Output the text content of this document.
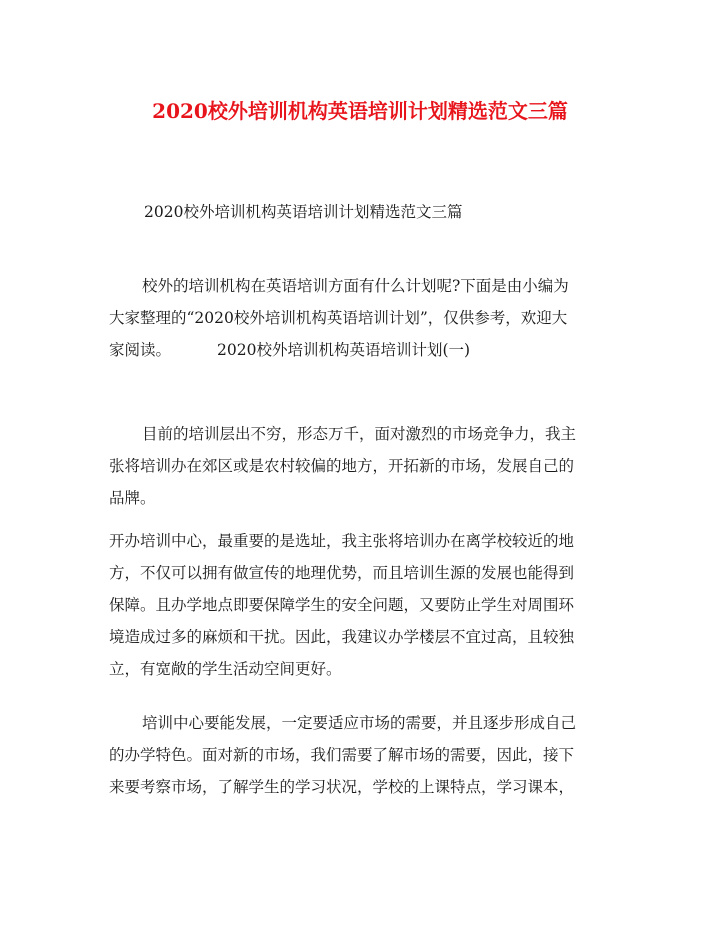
2020校外培训机构英语培训计划精选范文三篇
2020校外培训机构英语培训计划精选范文三篇
校外的培训机构在英语培训方面有什么计划呢?下面是由小编为
大家整理的“2020校外培训机构英语培训计划”，仅供参考，欢迎大
家阅读。	2020校外培训机构英语培训计划(一)
目前的培训层出不穷，形态万千，面对激烈的市场竞争力，我主
张将培训办在郊区或是农村较偏的地方，开拓新的市场，发展自己的
品牌。
开办培训中心，最重要的是选址，我主张将培训办在离学校较近的地
方，不仅可以拥有做宣传的地理优势，而且培训生源的发展也能得到
保障。且办学地点即要保障学生的安全问题，又要防止学生对周围环
境造成过多的麻烦和干扰。因此，我建议办学楼层不宜过高，且较独
立，有宽敞的学生活动空间更好。
培训中心要能发展，一定要适应市场的需要，并且逐步形成自己
的办学特色。面对新的市场，我们需要了解市场的需要，因此，接下
来要考察市场，了解学生的学习状况，学校的上课特点，学习课本，
